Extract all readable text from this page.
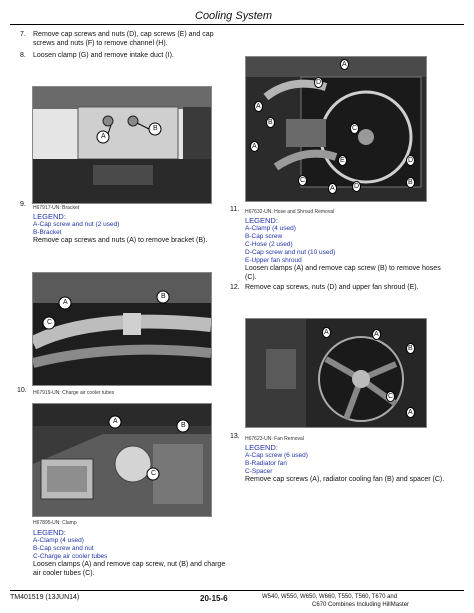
Cooling System
7. Remove cap screws and nuts (D), cap screws (E) and cap screws and nuts (F) to remove channel (H).
8. Loosen clamp (G) and remove intake duct (I).
A
B
9. H67917-UN: Bracket
LEGEND:
A-Cap screw and nut (2 used)
B-Bracket
Remove cap screws and nuts (A) to remove bracket (B).
A
B
C
10. H67919-UN: Charge air cooler tubes
A
B
C
H67895-UN: Clamp
LEGEND:
A-Clamp (4 used)
B-Cap screw and nut
C-Charge air cooler tubes
Loosen clamps (A) and remove cap screw, nut (B) and charge air cooler tubes (C).
A
D
A
B
C
E
A
D
C
A	D
B
11. H67632-UN: Hose and Shroud Removal
LEGEND:
A-Clamp (4 used)
B-Cap screw
C-Hose (2 used)
D-Cap screw and nut (10 used)
E-Upper fan shroud
Loosen clamps (A) and remove cap screw (B) to remove hoses (C).
12. Remove cap screws, nuts (D) and upper fan shroud (E).
A	A
B
C
A
13. H67623-UN: Fan Removal
LEGEND:
A-Cap screw (6 used)
B-Radiator fan
C-Spacer
Remove cap screws (A), radiator cooling fan (B) and spacer (C).
TM401519 (13JUN14)	20-15-6	W540, W550, W650, W660, T550, T560, T670 and
C670 Combines Including HillMaster
